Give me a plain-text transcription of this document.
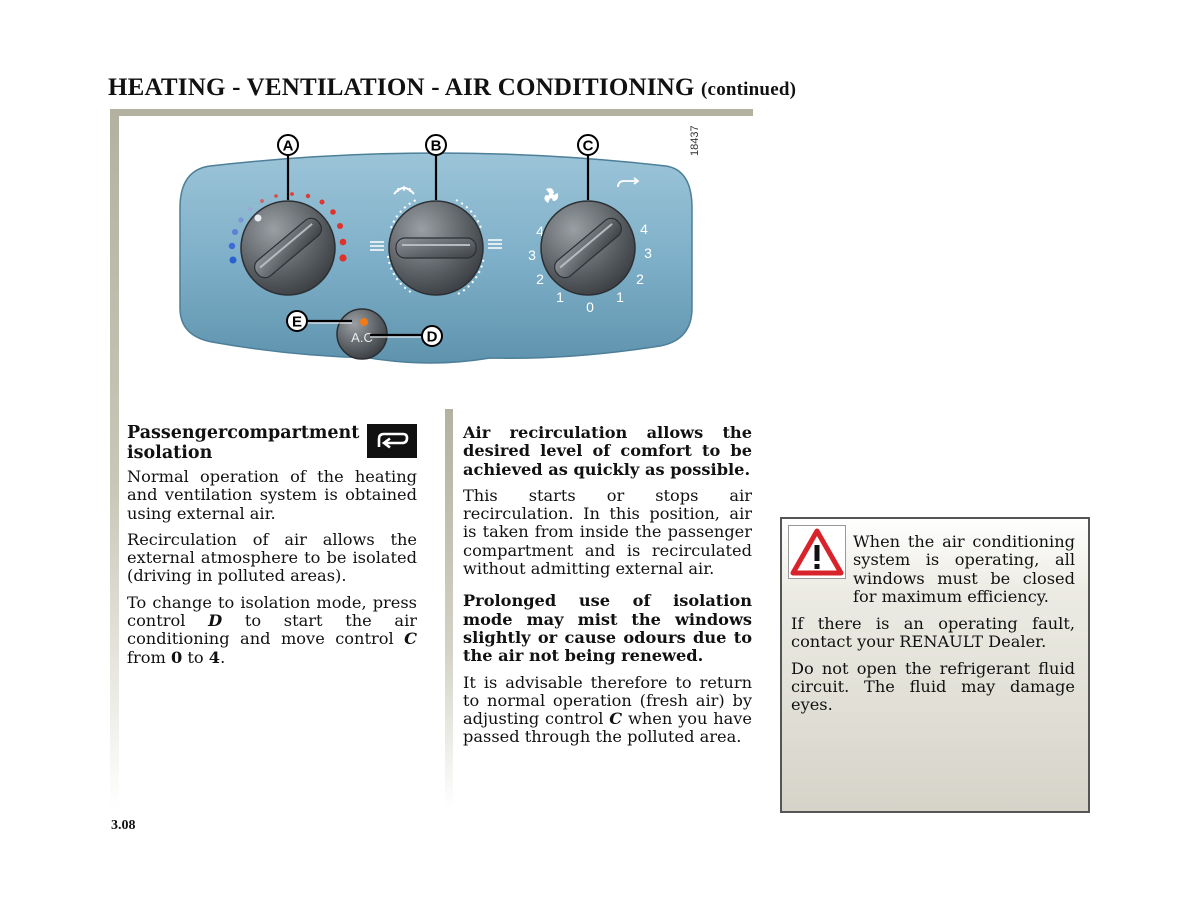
HEATING - VENTILATION - AIR CONDITIONING (continued)
18437
4
3
2
1
0
1
2
3
4
A.C
A	B	C
D
E
Passenger compartment
isolation

Normal operation of the heating and ventilation system is obtained using external air.

Recirculation of air allows the external atmosphere to be isolated (driving in polluted areas).

To change to isolation mode, press control D to start the air conditioning and move control C from 0 to 4.

Air recirculation allows the desired level of comfort to be achieved as quickly as possible.

This starts or stops air recirculation. In this position, air is taken from inside the passenger compartment and is recirculated without admitting external air.

Prolonged use of isolation mode may mist the windows slightly or cause odours due to the air not being renewed.

It is advisable therefore to return to normal operation (fresh air) by adjusting control C when you have passed through the polluted area.

When the air conditioning system is operating, all windows must be closed for maximum efficiency.

If there is an operating fault, contact your RENAULT Dealer.

Do not open the refrigerant fluid circuit. The fluid may damage eyes.

3.08
